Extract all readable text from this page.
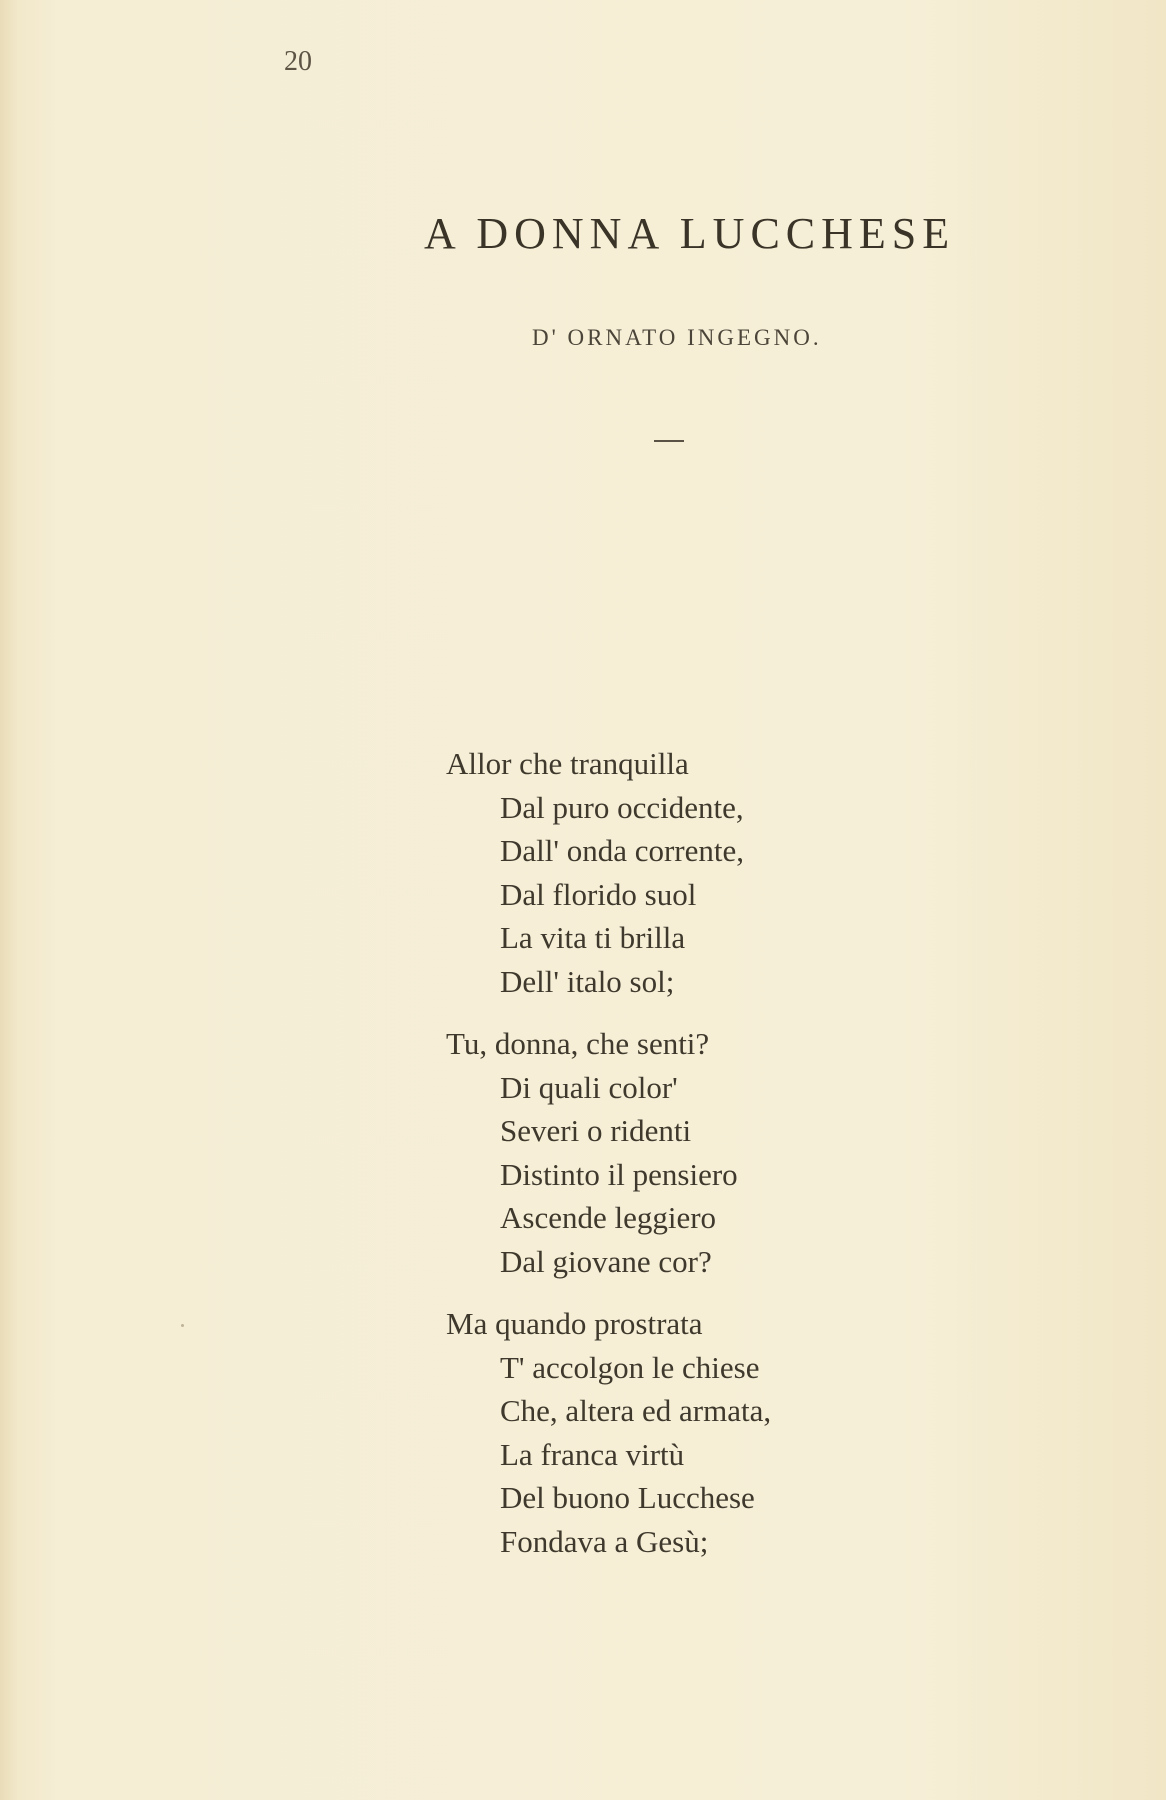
20
A DONNA LUCCHESE
D' ORNATO INGEGNO.
Allor che tranquilla
Dal puro occidente,
Dall' onda corrente,
Dal florido suol
La vita ti brilla
Dell' italo sol;
Tu, donna, che senti?
Di quali color'
Severi o ridenti
Distinto il pensiero
Ascende leggiero
Dal giovane cor?
Ma quando prostrata
T' accolgon le chiese
Che, altera ed armata,
La franca virtù
Del buono Lucchese
Fondava a Gesù;
